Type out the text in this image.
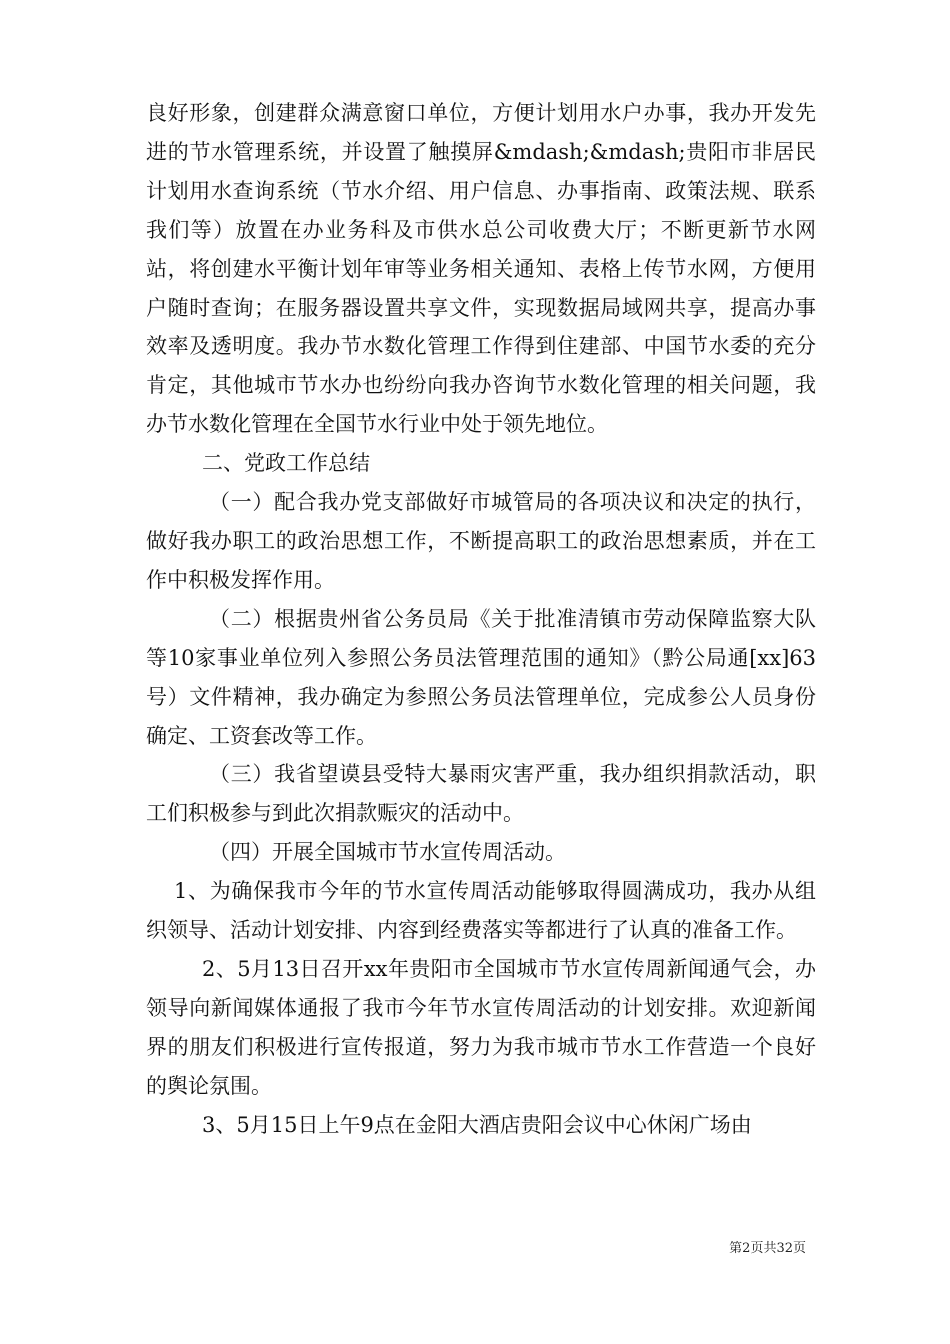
良好形象，创建群众满意窗口单位，方便计划用水户办事，我办开发先进的节水管理系统，并设置了触摸屏&mdash;&mdash;贵阳市非居民计划用水查询系统（节水介绍、用户信息、办事指南、政策法规、联系我们等）放置在办业务科及市供水总公司收费大厅；不断更新节水网站，将创建水平衡计划年审等业务相关通知、表格上传节水网，方便用户随时查询；在服务器设置共享文件，实现数据局域网共享，提高办事效率及透明度。我办节水数化管理工作得到住建部、中国节水委的充分肯定，其他城市节水办也纷纷向我办咨询节水数化管理的相关问题，我办节水数化管理在全国节水行业中处于领先地位。

二、党政工作总结

（一）配合我办党支部做好市城管局的各项决议和决定的执行，做好我办职工的政治思想工作，不断提高职工的政治思想素质，并在工作中积极发挥作用。

（二）根据贵州省公务员局《关于批准清镇市劳动保障监察大队等10家事业单位列入参照公务员法管理范围的通知》（黔公局通[xx]63号）文件精神，我办确定为参照公务员法管理单位，完成参公人员身份确定、工资套改等工作。

（三）我省望谟县受特大暴雨灾害严重，我办组织捐款活动，职工们积极参与到此次捐款赈灾的活动中。

（四）开展全国城市节水宣传周活动。

1、为确保我市今年的节水宣传周活动能够取得圆满成功，我办从组织领导、活动计划安排、内容到经费落实等都进行了认真的准备工作。

2、5月13日召开xx年贵阳市全国城市节水宣传周新闻通气会，办领导向新闻媒体通报了我市今年节水宣传周活动的计划安排。欢迎新闻界的朋友们积极进行宣传报道，努力为我市城市节水工作营造一个良好的舆论氛围。

3、5月15日上午9点在金阳大酒店贵阳会议中心休闲广场由

第2页共32页
